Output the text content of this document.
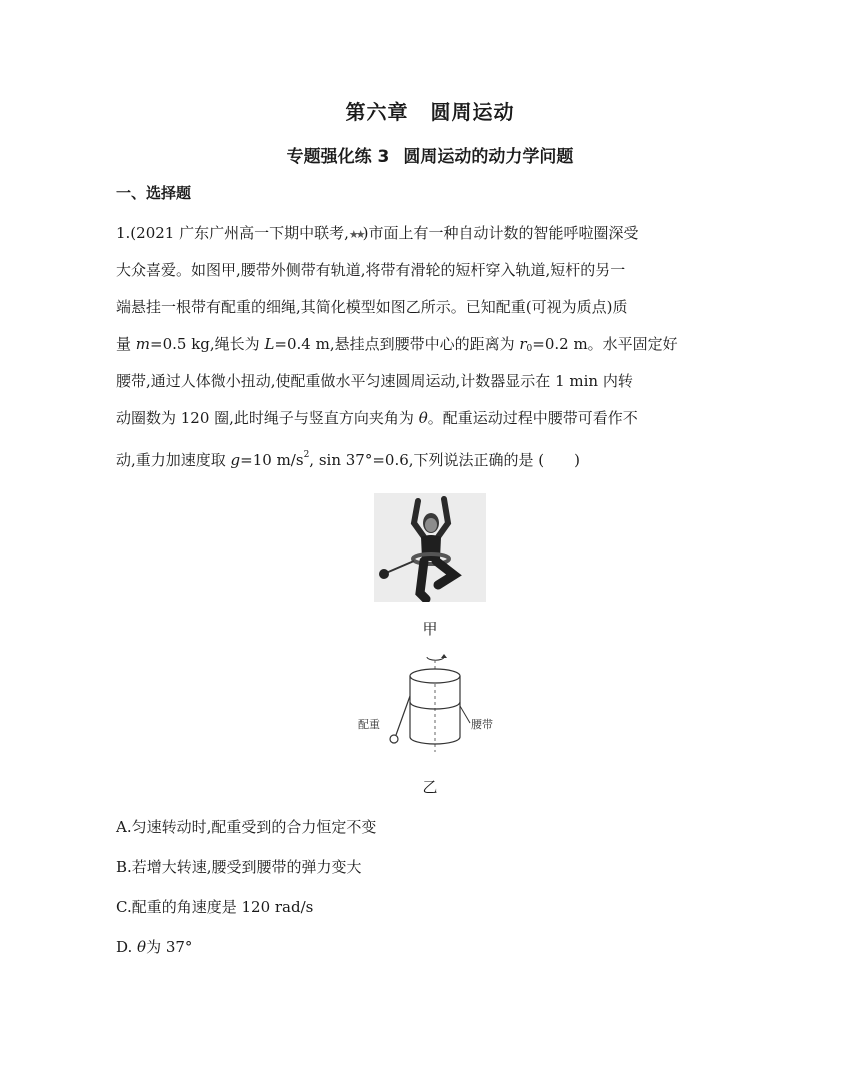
第六章 圆周运动
专题强化练 3 圆周运动的动力学问题
一、选择题
1.(2021 广东广州高一下期中联考,★★)市面上有一种自动计数的智能呼啦圈深受
大众喜爱。如图甲,腰带外侧带有轨道,将带有滑轮的短杆穿入轨道,短杆的另一
端悬挂一根带有配重的细绳,其简化模型如图乙所示。已知配重(可视为质点)质
量 m=0.5 kg,绳长为 L=0.4 m,悬挂点到腰带中心的距离为 $r_0=0.2$ m。水平固定好
腰带,通过人体微小扭动,使配重做水平匀速圆周运动,计数器显示在 1 min 内转
动圈数为 120 圈,此时绳子与竖直方向夹角为 θ。配重运动过程中腰带可看作不
动,重力加速度取 g=10 $m/s^2$, sin 37°=0.6,下列说法正确的是 (　　)
甲
配重	腰带
乙
A.匀速转动时,配重受到的合力恒定不变
B.若增大转速,腰受到腰带的弹力变大
C.配重的角速度是 120 rad/s
D. θ为 37°
